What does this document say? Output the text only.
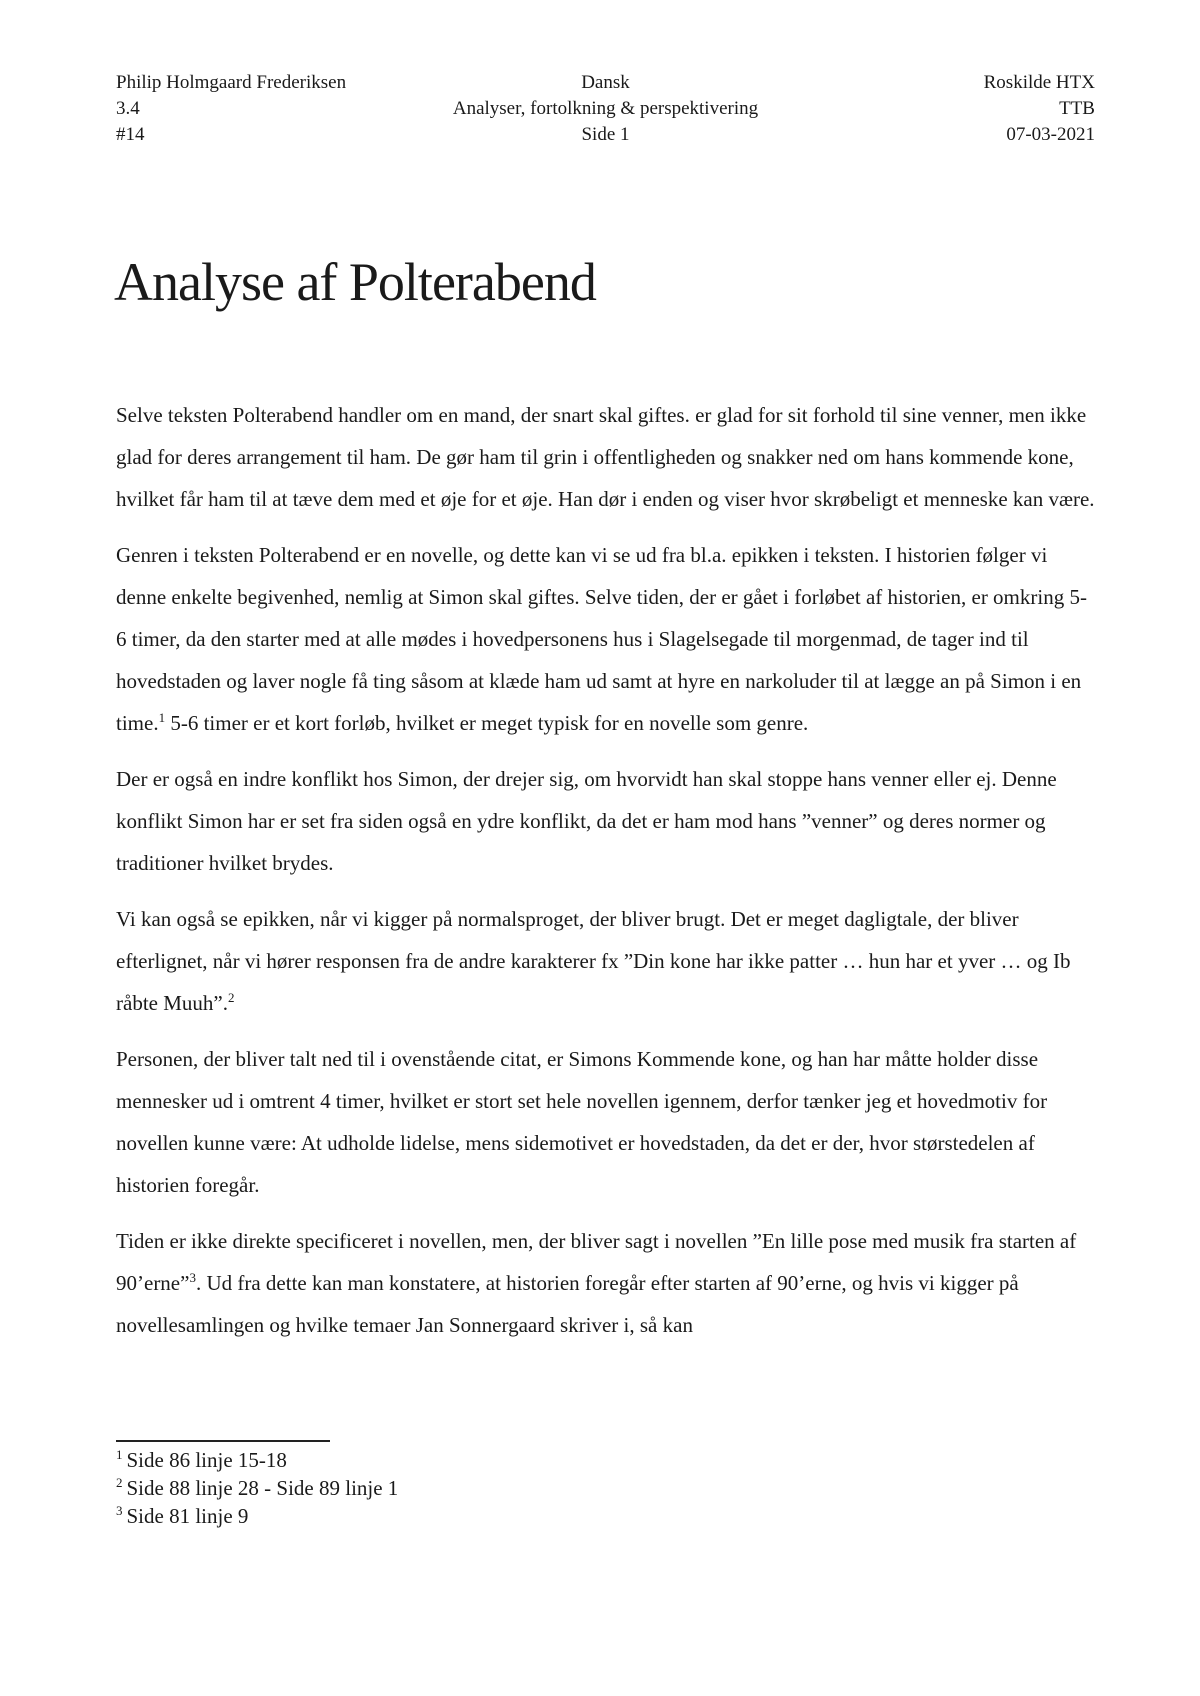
Philip Holmgaard Frederiksen	Dansk	Roskilde HTX
3.4	Analyser, fortolkning & perspektivering	TTB
#14	Side 1	07-03-2021
Analyse af Polterabend

Selve teksten Polterabend handler om en mand, der snart skal giftes. er glad for sit forhold til sine venner, men ikke glad for deres arrangement til ham. De gør ham til grin i offentligheden og snakker ned om hans kommende kone, hvilket får ham til at tæve dem med et øje for et øje. Han dør i enden og viser hvor skrøbeligt et menneske kan være.

Genren i teksten Polterabend er en novelle, og dette kan vi se ud fra bl.a. epikken i teksten. I historien følger vi denne enkelte begivenhed, nemlig at Simon skal giftes. Selve tiden, der er gået i forløbet af historien, er omkring 5-6 timer, da den starter med at alle mødes i hovedpersonens hus i Slagelsegade til morgenmad, de tager ind til hovedstaden og laver nogle få ting såsom at klæde ham ud samt at hyre en narkoluder til at lægge an på Simon i en time.$^1$ 5-6 timer er et kort forløb, hvilket er meget typisk for en novelle som genre.

Der er også en indre konflikt hos Simon, der drejer sig, om hvorvidt han skal stoppe hans venner eller ej. Denne konflikt Simon har er set fra siden også en ydre konflikt, da det er ham mod hans ”venner” og deres normer og traditioner hvilket brydes.

Vi kan også se epikken, når vi kigger på normalsproget, der bliver brugt. Det er meget dagligtale, der bliver efterlignet, når vi hører responsen fra de andre karakterer fx ”Din kone har ikke patter … hun har et yver … og Ib råbte Muuh”.$^2$

Personen, der bliver talt ned til i ovenstående citat, er Simons Kommende kone, og han har måtte holder disse mennesker ud i omtrent 4 timer, hvilket er stort set hele novellen igennem, derfor tænker jeg et hovedmotiv for novellen kunne være: At udholde lidelse, mens sidemotivet er hovedstaden, da det er der, hvor størstedelen af historien foregår.

Tiden er ikke direkte specificeret i novellen, men, der bliver sagt i novellen ”En lille pose med musik fra starten af 90’erne”$^3$. Ud fra dette kan man konstatere, at historien foregår efter starten af 90’erne, og hvis vi kigger på novellesamlingen og hvilke temaer Jan Sonnergaard skriver i, så kan

$^1$ Side 86 linje 15-18
$^2$ Side 88 linje 28 - Side 89 linje 1
$^3$ Side 81 linje 9
